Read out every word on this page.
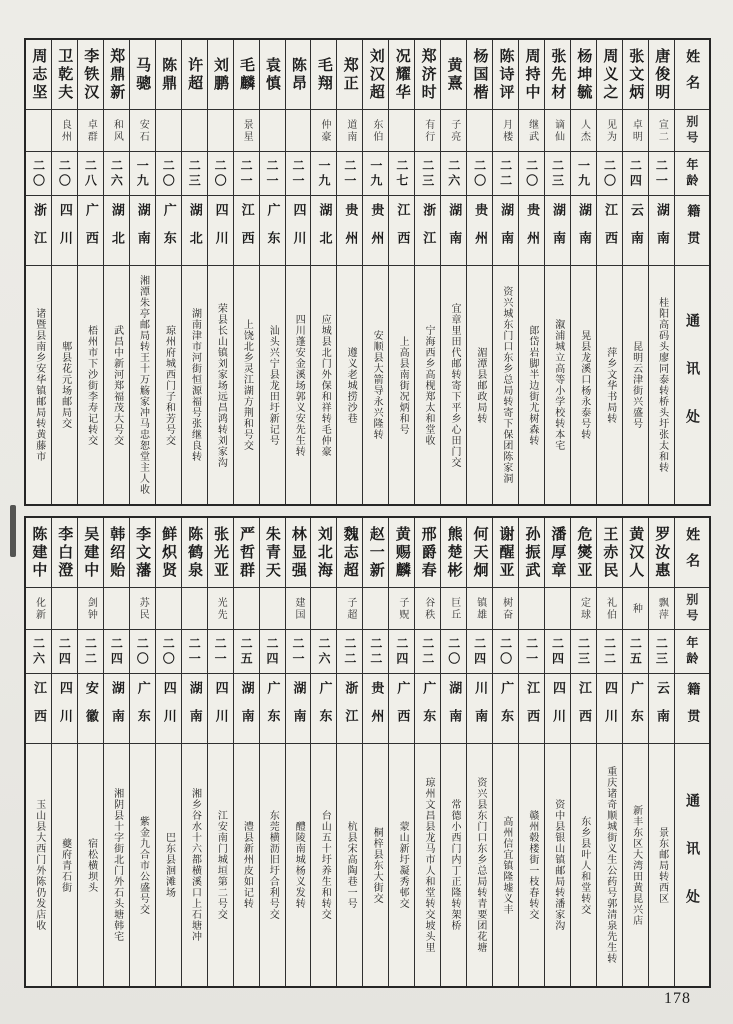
周志坚
二〇
浙江
诸暨县南乡安华镇邮局转黄藤市
卫乾夫
良州
二〇
四川
郫县花元场邮局交
李铁汉
卓群
二八
广西
梧州市下沙街李寿记转交
郑鼎新
和风
二六
湖北
武昌中新河郑福茂大号交
马骢
安石
一九
湖南
湘潭朱亭邮局转王十万觞家冲马忠恕堂主人收
陈鼎
二〇
广东
琼州府城西门子和芳号交
许超
二三
湖北
湖南津市河街恒源福号张继良转
刘鹏
二〇
四川
荣县长山镇刘家场远昌鸿转刘家沟
毛麟
景星
二一
江西
上饶北乡灵江湖方荆和号交
袁慎
二一
广东
汕头兴宁县龙田圩新记号
陈昂
二一
四川
四川蓬安金溪场郭义安先生转
毛翔
仲豪
一九
湖北
应城县北门外保和祥转毛仲豪
郑正
道南
二一
贵州
遵义老城捞沙巷
刘汉超
东伯
一九
贵州
安顺县大箭导永兴隆转
况耀华
二七
江西
上高县南街况炳和号
郑济时
有行
二三
浙江
宁海西乡高枧郑太和堂收
黄熹
子亮
二六
湖南
宜章里田代邮转寄下平乡心田门交
杨国楷
二〇
贵州
湄潭县邮政局转
陈诗评
月楼
二二
湖南
资兴城东门口东乡总局转寄下保团陈家洞
周持中
继武
二〇
贵州
郎岱岩脚半边街尤树森转
张先材
谪仙
二三
湖南
溆浦城立高等小学校转本宅
杨坤毓
人杰
一九
湖南
晃县龙溪口杨永泰号转
周义之
见为
二〇
江西
萍乡文华书局转
张文炳
卓明
二四
云南
昆明云津街兴盛号
唐俊明
宣二
二一
湖南
桂阳高码头廖同泰转桥头圩张太和转
姓名
别号
年龄
籍贯
通讯处
陈建中
化新
二六
江西
玉山县大西门外陈仍发店收
李白澄
二四
四川
夔府青石街
吴建中
剑钟
二二
安徽
宿松横坝头
韩绍贻
二四
湖南
湘阴县十字街北门外石头塘韩宅
李文藩
苏民
二〇
广东
紫金九合市公盛号交
鲜炽贤
二〇
四川
巴东县洄滩场
陈鹤泉
二一
湖南
湘乡谷水十六都横溪口上石塘冲
张光亚
光先
二一
四川
江安南门城垣第二号交
严哲群
二五
湖南
澧县新州皮如记转
朱青天
二四
广东
东莞横沥旧圩合利号交
林显强
建国
二一
湖南
醴陵南城杨义发转
刘北海
二六
广东
台山五十圩养生和转交
魏志超
子超
二二
浙江
杭县宋高陶巷一号
赵一新
二二
贵州
桐梓县东大街交
黄赐麟
子贶
二四
广西
蒙山新圩凝秀邨交
邢爵春
谷秩
二二
广东
琼州文昌县龙马市人和堂转交坡头里
熊楚彬
巨丘
二〇
湖南
常德小西门内丁正隆转架桥
何天炯
镇雄
二四
川南
资兴县东门口东乡总局转青要团花塘
谢醒亚
树奋
二〇
广东
高州信宜镇隆墟义丰
孙振武
二一
江西
赣州毂楼街一枝春转交
潘厚章
二四
四川
资中县银山镇邮局转潘家沟
危爕亚
定球
二三
江西
东乡县叶人和堂转交
王赤民
礼伯
二二
四川
重庆诸奇顺城街义生公药号郭清泉先生转
黄汉人
种
二五
广东
新丰东区大湾田黄昆兴店
罗汝惠
飘萍
二三
云南
景东邮局转西区
姓名
别号
年龄
籍贯
通讯处
178
